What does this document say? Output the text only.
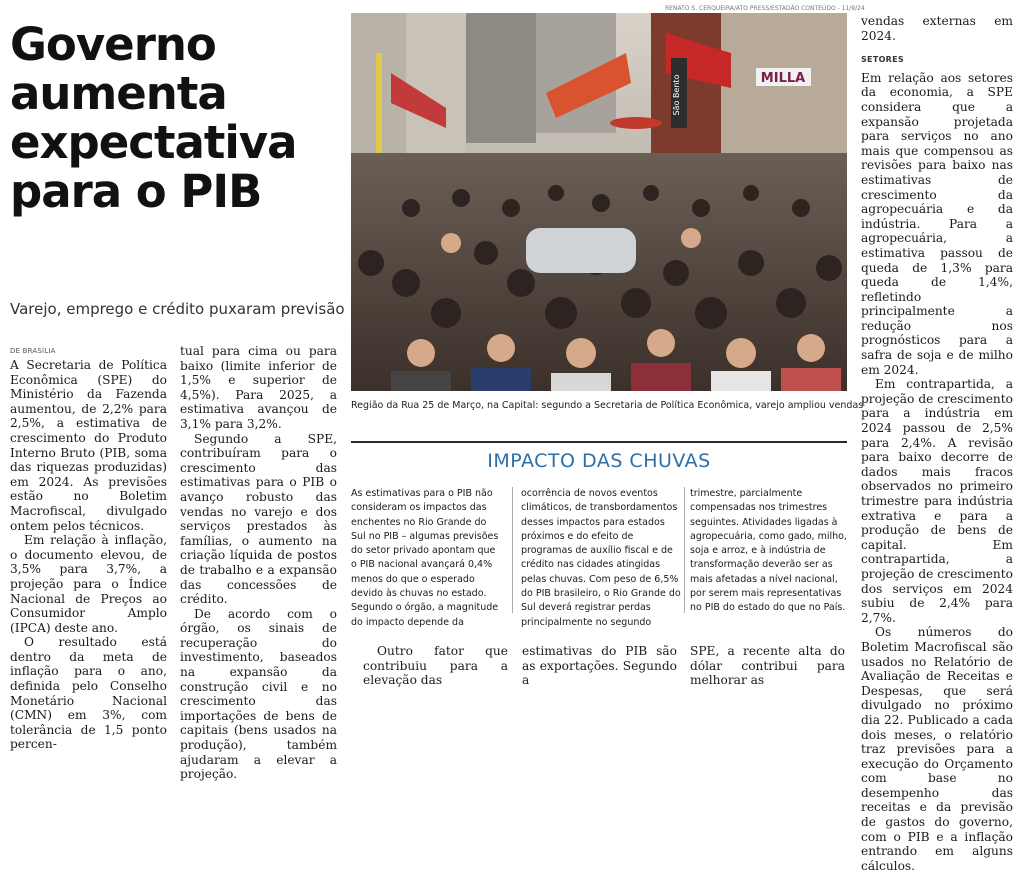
Governo
aumenta
expectativa
para o PIB
Varejo, emprego e crédito puxaram previsão
DE BRASÍLIA

A Secretaria de Política Econômica (SPE) do Ministério da Fazenda aumentou, de 2,2% para 2,5%, a estimativa de crescimento do Produto Interno Bruto (PIB, soma das riquezas produzidas) em 2024. As previsões estão no Boletim Macrofiscal, divulgado ontem pelos técnicos.

Em relação à inflação, o documento elevou, de 3,5% para 3,7%, a projeção para o Índice Nacional de Preços ao Consumidor Amplo (IPCA) deste ano.

O resultado está dentro da meta de inflação para o ano, definida pelo Conselho Monetário Nacional (CMN) em 3%, com tolerância de 1,5 ponto percen-

tual para cima ou para baixo (limite inferior de 1,5% e superior de 4,5%). Para 2025, a estimativa avançou de 3,1% para 3,2%.

Segundo a SPE, contribuíram para o crescimento das estimativas para o PIB o avanço robusto das vendas no varejo e dos serviços prestados às famílias, o aumento na criação líquida de postos de trabalho e a expansão das concessões de crédito.

De acordo com o órgão, os sinais de recuperação do investimento, baseados na expansão da construção civil e no crescimento das importações de bens de capitais (bens usados na produção), também ajudaram a elevar a projeção.

RENATO S. CERQUEIRA/ATO PRESS/ESTADÃO CONTEÚDO - 11/9/24
MILLA
São Bento
Região da Rua 25 de Março, na Capital: segundo a Secretaria de Política Econômica, varejo ampliou vendas
IMPACTO DAS CHUVAS
As estimativas para o PIB não consideram os impactos das enchentes no Rio Grande do Sul no PIB – algumas previsões do setor privado apontam que o PIB nacional avançará 0,4% menos do que o esperado devido às chuvas no estado. Segundo o órgão, a magnitude do impacto depende da
ocorrência de novos eventos climáticos, de transbordamentos desses impactos para estados próximos e do efeito de programas de auxílio fiscal e de crédito nas cidades atingidas pelas chuvas. Com peso de 6,5% do PIB brasileiro, o Rio Grande do Sul deverá registrar perdas principalmente no segundo
trimestre, parcialmente compensadas nos trimestres seguintes. Atividades ligadas à agropecuária, como gado, milho, soja e arroz, e à indústria de transformação deverão ser as mais afetadas a nível nacional, por serem mais representativas no PIB do estado do que no País.

Outro fator que contribuiu para a elevação das

estimativas do PIB são as exportações. Segundo a

SPE, a recente alta do dólar contribui para melhorar as

vendas externas em 2024.

SETORES

Em relação aos setores da economia, a SPE considera que a expansão projetada para serviços no ano mais que compensou as revisões para baixo nas estimativas de crescimento da agropecuária e da indústria. Para a agropecuária, a estimativa passou de queda de 1,3% para queda de 1,4%, refletindo principalmente a redução nos prognósticos para a safra de soja e de milho em 2024.

Em contrapartida, a projeção de crescimento para a indústria em 2024 passou de 2,5% para 2,4%. A revisão para baixo decorre de dados mais fracos observados no primeiro trimestre para indústria extrativa e para a produção de bens de capital. Em contrapartida, a projeção de crescimento dos serviços em 2024 subiu de 2,4% para 2,7%.

Os números do Boletim Macrofiscal são usados no Relatório de Avaliação de Receitas e Despesas, que será divulgado no próximo dia 22. Publicado a cada dois meses, o relatório traz previsões para a execução do Orçamento com base no desempenho das receitas e da previsão de gastos do governo, com o PIB e a inflação entrando em alguns cálculos.
